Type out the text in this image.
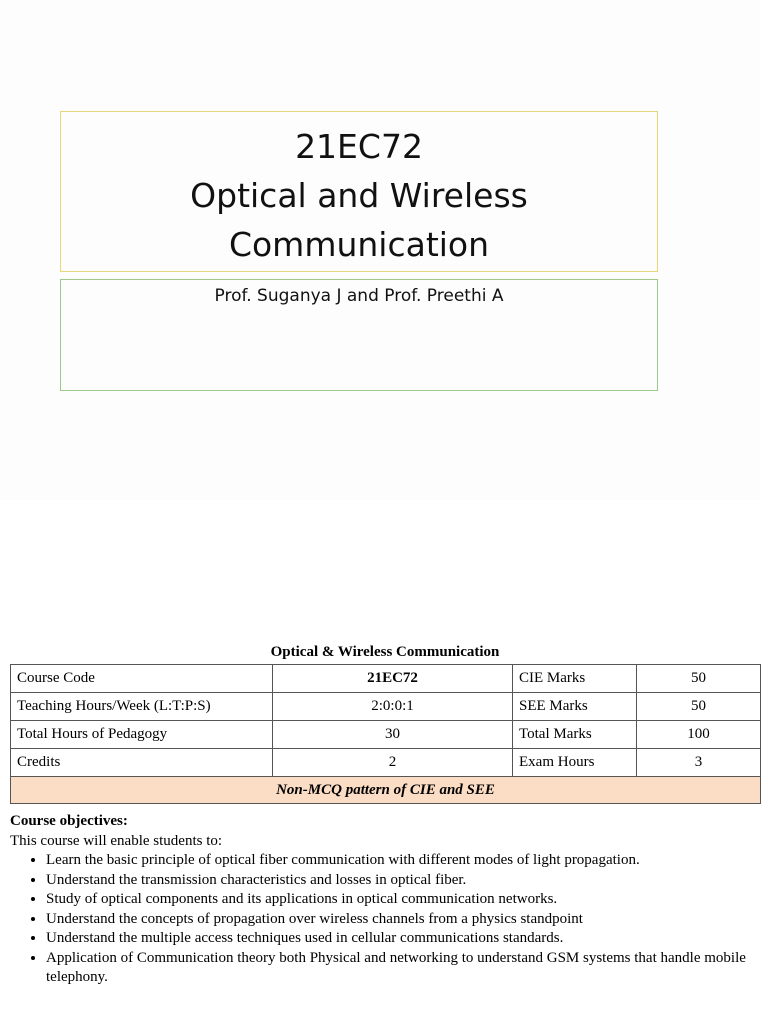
21EC72
Optical and Wireless
Communication
Prof. Suganya J and Prof. Preethi A
Optical & Wireless Communication
Course Code	21EC72	CIE Marks	50
Teaching Hours/Week (L:T:P:S)	2:0:0:1	SEE Marks	50
Total Hours of Pedagogy	30	Total Marks	100
Credits	2	Exam Hours	3
Non-MCQ pattern of CIE and SEE			
Course objectives:
This course will enable students to:
• Learn the basic principle of optical fiber communication with different modes of light propagation.
• Understand the transmission characteristics and losses in optical fiber.
• Study of optical components and its applications in optical communication networks.
• Understand the concepts of propagation over wireless channels from a physics standpoint
• Understand the multiple access techniques used in cellular communications standards.
• Application of Communication theory both Physical and networking to understand GSM systems that handle mobile telephony.
